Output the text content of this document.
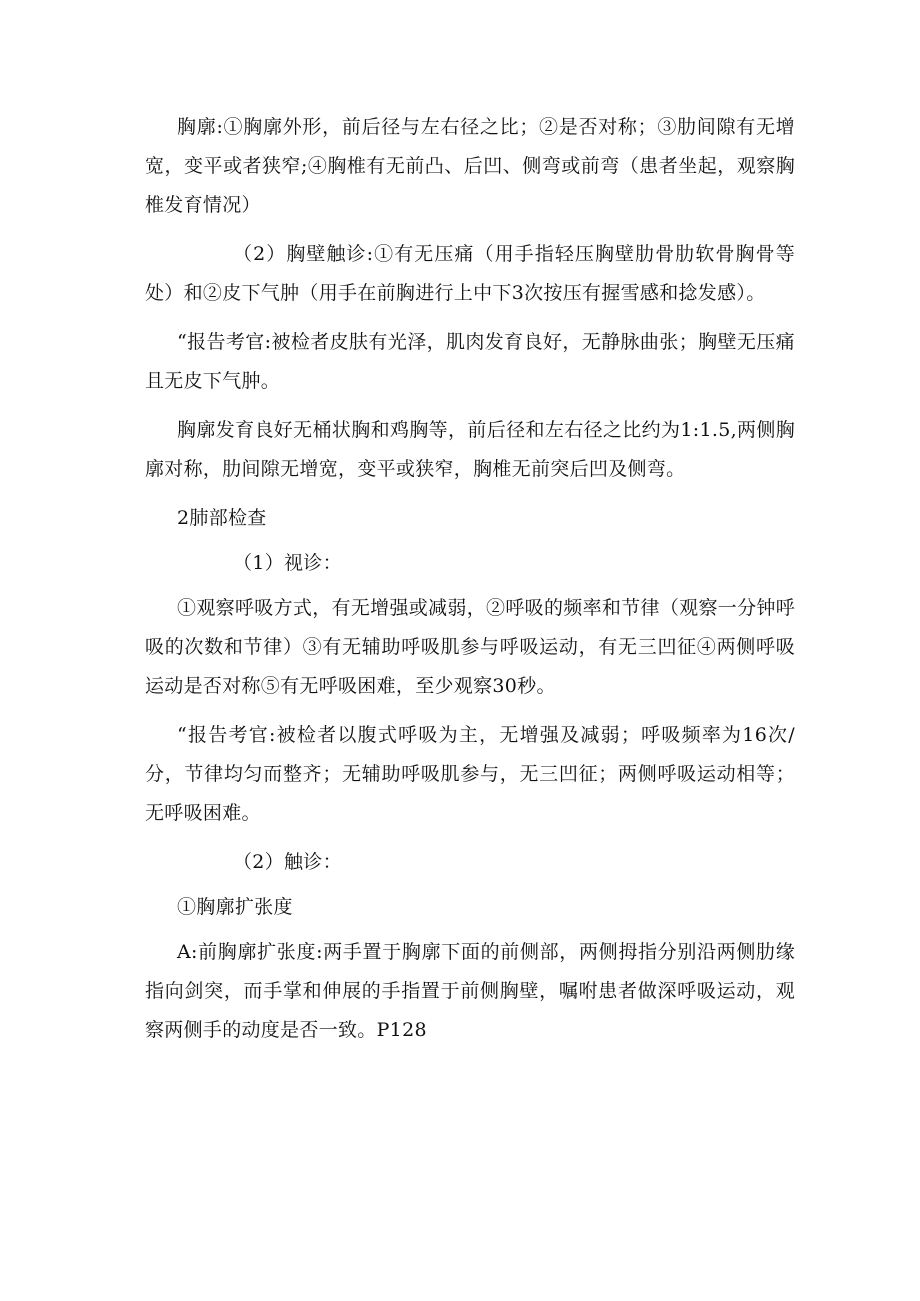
胸廓:①胸廓外形，前后径与左右径之比；②是否对称；③肋间隙有无增宽，变平或者狭窄;④胸椎有无前凸、后凹、侧弯或前弯（患者坐起，观察胸椎发育情况）

（2）胸壁触诊:①有无压痛（用手指轻压胸壁肋骨肋软骨胸骨等处）和②皮下气肿（用手在前胸进行上中下3次按压有握雪感和捻发感）。

“报告考官:被检者皮肤有光泽，肌肉发育良好，无静脉曲张；胸壁无压痛且无皮下气肿。

胸廓发育良好无桶状胸和鸡胸等，前后径和左右径之比约为1:1.5,两侧胸廓对称，肋间隙无增宽，变平或狭窄，胸椎无前突后凹及侧弯。

2肺部检查

（1）视诊：

①观察呼吸方式，有无增强或减弱，②呼吸的频率和节律（观察一分钟呼吸的次数和节律）③有无辅助呼吸肌参与呼吸运动，有无三凹征④两侧呼吸运动是否对称⑤有无呼吸困难，至少观察30秒。

“报告考官:被检者以腹式呼吸为主，无增强及减弱；呼吸频率为16次/分，节律均匀而整齐；无辅助呼吸肌参与，无三凹征；两侧呼吸运动相等；无呼吸困难。

（2）触诊：

①胸廓扩张度

A:前胸廓扩张度:两手置于胸廓下面的前侧部，两侧拇指分别沿两侧肋缘指向剑突，而手掌和伸展的手指置于前侧胸壁，嘱咐患者做深呼吸运动，观察两侧手的动度是否一致。P128
